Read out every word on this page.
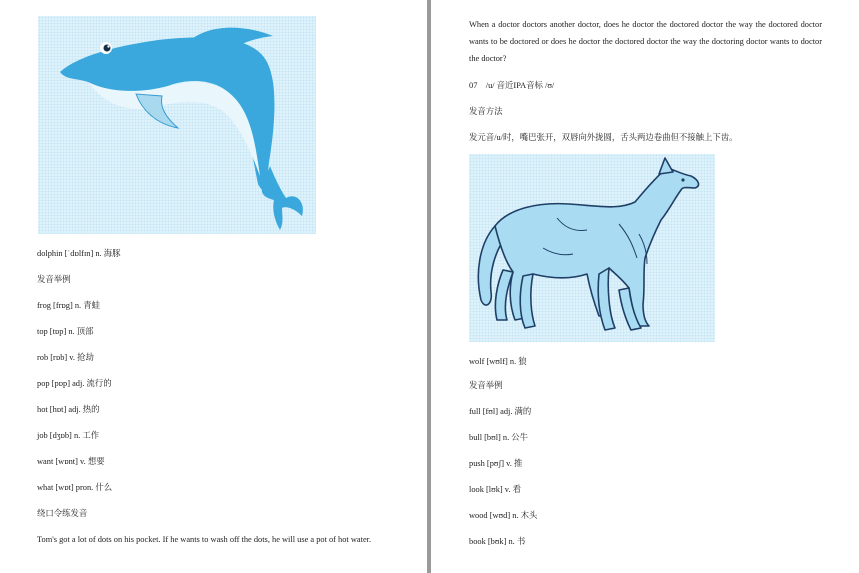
dolphin [ˈdɒlfɪn] n. 海豚
发音举例
frog [frɒg] n. 青蛙
top [tɒp] n. 顶部
rob [rɒb] v. 抢劫
pop [pɒp] adj. 流行的
hot [hɒt] adj. 热的
job [dʒɒb] n. 工作
want [wɒnt] v. 想要
what [wɒt] pron. 什么
绕口令练发音
Tom's got a lot of dots on his pocket. If he wants to wash off the dots, he will use a pot of hot water.

When a doctor doctors another doctor, does he doctor the doctored doctor the way the doctored doctor wants to be doctored or does he doctor the doctored doctor the way the doctoring doctor wants to doctor the doctor?

07　/u/ 音近IPA音标 /ʊ/
发音方法
发元音/u/时，嘴巴张开，双唇向外拢圆，舌头两边卷曲但不接触上下齿。
wolf [wʊlf] n. 狼
发音举例
full [fʊl] adj. 满的
bull [bʊl] n. 公牛
push [pʊʃ] v. 推
look [lʊk] v. 看
wood [wʊd] n. 木头
book [bʊk] n. 书
